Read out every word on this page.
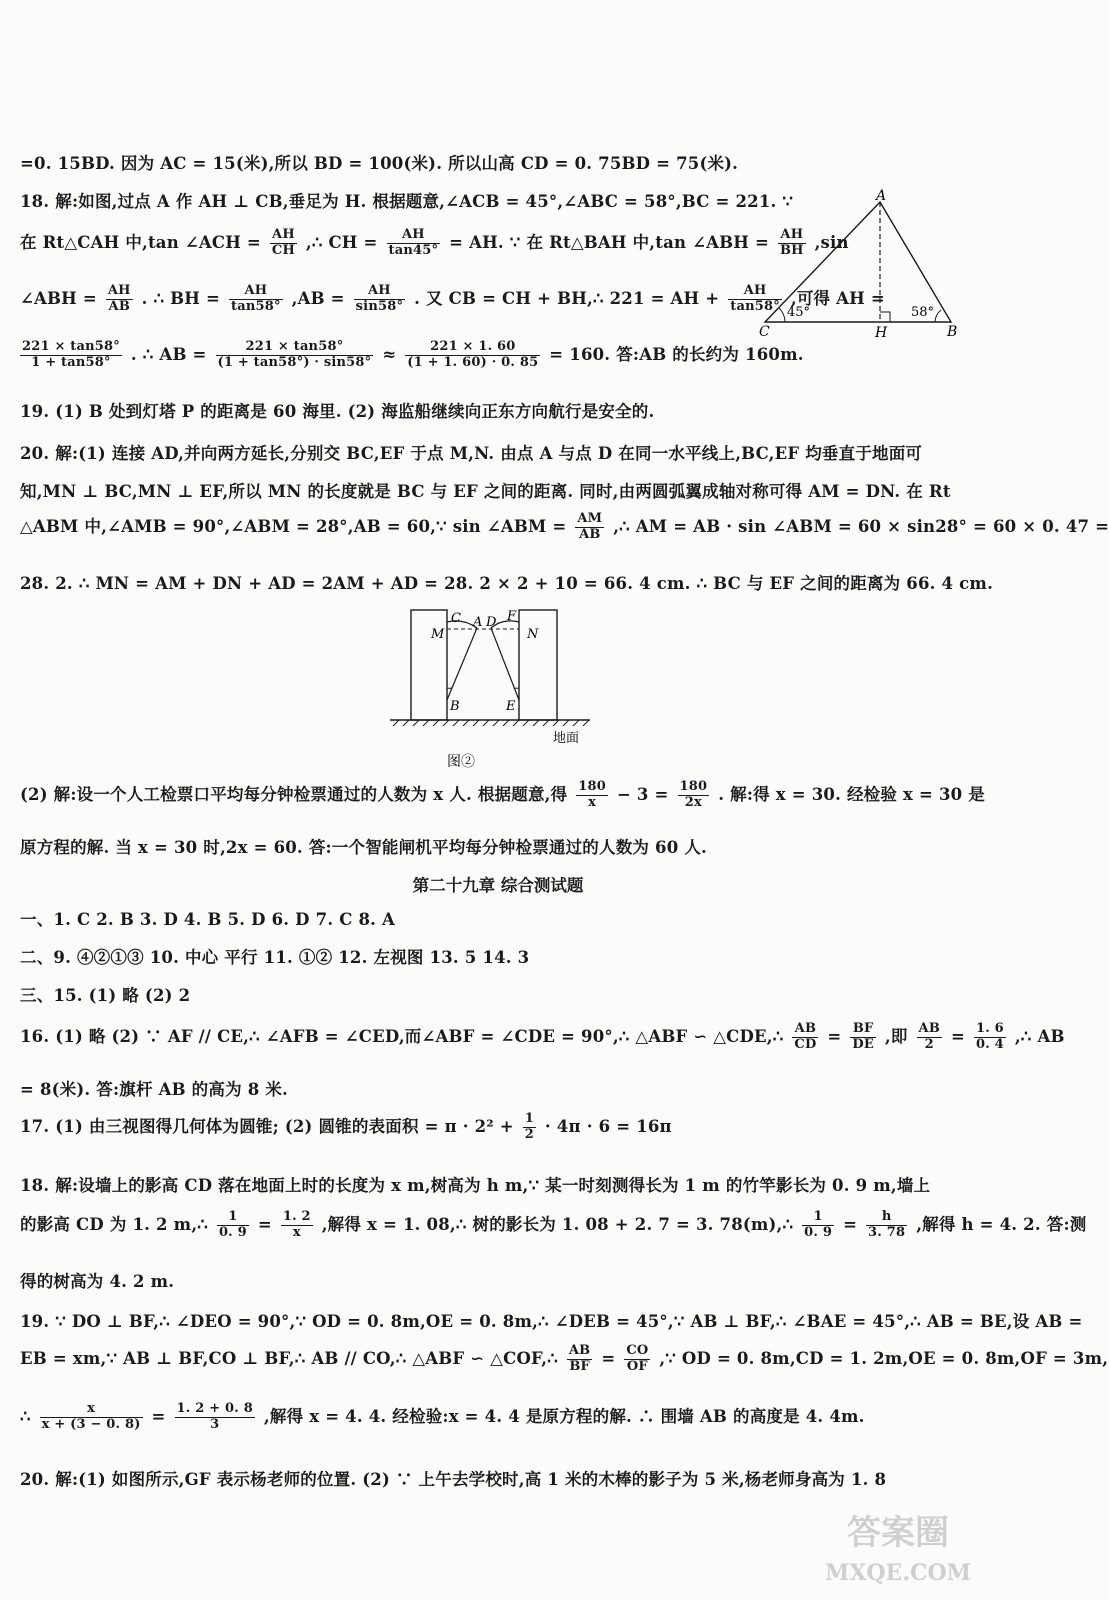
=0. 15BD. 因为 AC = 15(米),所以 BD = 100(米). 所以山高 CD = 0. 75BD = 75(米).
18. 解:如图,过点 A 作 AH ⊥ CB,垂足为 H. 根据题意,∠ACB = 45°,∠ABC = 58°,BC = 221. ∵
在 Rt△CAH 中,tan ∠ACH = $\frac{AH}{CH}$ ,∴ CH = $\frac{AH}{\tan 45^\circ}$ = AH. ∵ 在 Rt△BAH 中,tan ∠ABH = $\frac{AH}{BH} ,\sin$
∠ABH = $\frac{AH}{AB}$ . ∴ BH = $\frac{AH}{\tan 58^\circ} ,AB = \frac{AH}{\sin 58^\circ}$ . 又 CB = CH + BH,∴ 221 = AH + $\frac{AH}{\tan 58^\circ}$ ,可得 AH =
$\frac{221 \times \tan 58^\circ}{1 + \tan 58^\circ}$ . ∴ AB = $\frac{221 \times \tan 58^\circ}{(1 + \tan 58^\circ) \cdot \sin 58^\circ} \approx \frac{221 \times 1. 60}{(1 + 1. 60) \cdot 0. 85} = 160$. 答:AB 的长约为 160m.
A
C	H	B
45°	58°
19. (1) B 处到灯塔 P 的距离是 60 海里. (2) 海监船继续向正东方向航行是安全的.
20. 解:(1) 连接 AD,并向两方延长,分别交 BC,EF 于点 M,N. 由点 A 与点 D 在同一水平线上,BC,EF 均垂直于地面可
知,MN ⊥ BC,MN ⊥ EF,所以 MN 的长度就是 BC 与 EF 之间的距离. 同时,由两圆弧翼成轴对称可得 AM = DN. 在 Rt
△ABM 中,∠AMB = 90°,∠ABM = 28°,AB = 60,∵ sin ∠ABM = $\frac{AM}{AB}$ ,∴ AM = AB · sin ∠ABM = 60 × sin28° = 60 × 0. 47 =
28. 2. ∴ MN = AM + DN + AD = 2AM + AD = 28. 2 × 2 + 10 = 66. 4 cm. ∴ BC 与 EF 之间的距离为 66. 4 cm.
C A D F
M	N
B	E
地面
图②
(2) 解:设一个人工检票口平均每分钟检票通过的人数为 x 人. 根据题意,得 $\frac{180}{x} - 3 = \frac{180}{2x}$ . 解:得 x = 30. 经检验 x = 30 是
原方程的解. 当 x = 30 时,2x = 60. 答:一个智能闸机平均每分钟检票通过的人数为 60 人.
第二十九章 综合测试题
一、1. C 2. B 3. D 4. B 5. D 6. D 7. C 8. A
二、9. ④②①③ 10. 中心 平行 11. ①② 12. 左视图 13. 5 14. 3
三、15. (1) 略 (2) 2
16. (1) 略 (2) ∵ AF // CE,∴ ∠AFB = ∠CED,而∠ABF = ∠CDE = 90°,∴ △ABF ∽ △CDE,∴ $\frac{AB}{CD} = \frac{BF}{DE}$ ,即 $\frac{AB}{2} = \frac{1. 6}{0. 4}$ ,∴ AB
= 8(米). 答:旗杆 AB 的高为 8 米.
17. (1) 由三视图得几何体为圆锥; (2) 圆锥的表面积 = $\pi \cdot 2^2 + \frac{1}{2} \cdot 4\pi \cdot 6 = 16\pi$
18. 解:设墙上的影高 CD 落在地面上时的长度为 x m,树高为 h m,∵ 某一时刻测得长为 1 m 的竹竿影长为 0. 9 m,墙上
的影高 CD 为 1. 2 m,∴ $\frac{1}{0. 9} = \frac{1. 2}{x}$ ,解得 x = 1. 08,∴ 树的影长为 1. 08 + 2. 7 = 3. 78(m),∴ $\frac{1}{0. 9} = \frac{h}{3. 78}$ ,解得 h = 4. 2. 答:测
得的树高为 4. 2 m.
19. ∵ DO ⊥ BF,∴ ∠DEO = 90°,∵ OD = 0. 8m,OE = 0. 8m,∴ ∠DEB = 45°,∵ AB ⊥ BF,∴ ∠BAE = 45°,∴ AB = BE,设 AB =
EB = xm,∵ AB ⊥ BF,CO ⊥ BF,∴ AB // CO,∴ △ABF ∽ △COF,∴ $\frac{AB}{BF} = \frac{CO}{OF}$ ,∵ OD = 0. 8m,CD = 1. 2m,OE = 0. 8m,OF = 3m,
∴ $\frac{x}{x + (3 - 0. 8)} = \frac{1. 2 + 0. 8}{3}$ ,解得 x = 4. 4. 经检验:x = 4. 4 是原方程的解. ∴ 围墙 AB 的高度是 4. 4m.
20. 解:(1) 如图所示,GF 表示杨老师的位置. (2) ∵ 上午去学校时,高 1 米的木棒的影子为 5 米,杨老师身高为 1. 8
答案圈
MXQE.COM
